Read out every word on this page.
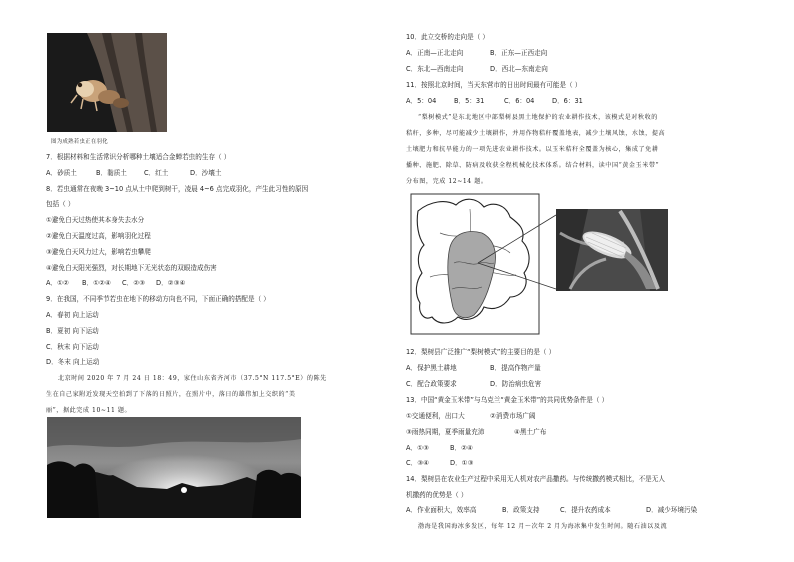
图为成熟若虫正在羽化
7．根据材料和生活常识分析哪种土壤适合金蝉若虫的生存（ ）
A．砂质土	B．黏质土	C．红土	D．沙壤土
8．若虫通常在夜晚 3~10 点从土中爬到树干，凌晨 4~6 点完成羽化，产生此习性的原因
包括（ ）
①避免白天过热使其本身失去水分
②避免白天温度过高，影响羽化过程
③避免白天风力过大，影响若虫攀爬
④避免白天阳光强烈，对长期地下无光状态的双眼造成伤害
A．①② B．①②④ C．②③ D．②③④
9．在我国，不同季节若虫在地下的移动方向也不同，下面正确的搭配是（ ）
A．春初 向上运动
B．夏初 向下运动
C．秋末 向下运动
D．冬末 向上运动
北京时间 2020 年 7 月 24 日 18：49，家住山东省齐河市（37.5°N 117.5°E）的陈先
生在自己家附近发现天空拍到了下落的日照片，在照片中，落日的雄伟加上交织的“美
丽”，据此完成 10~11 题。
10．此立交桥的走向是（ ）
A．正南—正北走向	B．正东—正西走向
C．东北—西南走向	D．西北—东南走向
11．按照北京时间，当天东营市的日出时间最有可能是（ ）
A．5：04	B．5：31	C．6：04	D．6：31
“梨树模式”是东北地区中部梨树县黑土地保护的农业耕作技术，该模式是对秋收的
秸秆，多种，尽可能减少土壤耕作，并用作物秸秆覆盖地表，减少土壤风蚀，水蚀，提高
土壤肥力和抗旱能力的一项先进农业耕作技术。以玉米秸秆全覆盖为核心，集成了免耕
播种、施肥、除草、防病及收获全程机械化技术体系。结合材料，读中国“黄金玉米带”
分布图，完成 12~14 题。
12．梨树县广泛推广“梨树模式”的主要目的是（ ）
A．保护黑土耕地	B．提高作物产量
C．配合政策要求	D．防治病虫危害
13．中国“黄金玉米带”与乌克兰“黄金玉米带”的共同优势条件是（ ）
①交通便利，出口大	②消费市场广阔
③雨热同期，夏季雨量充沛	④黑土广布
A．①③	B．②④
C．③④	D．①③
14．梨树县在农业生产过程中采用无人机对农产品撒药。与传统撒药模式相比，不是无人
机撒药的优势是（ ）
A．作业面积大，效率高	B．政策支持	C．提升农药成本	D．减少环境污染
渤海是我国海冰多发区，每年 12 月～次年 2 月为海冰集中发生时间。随石油以及流
